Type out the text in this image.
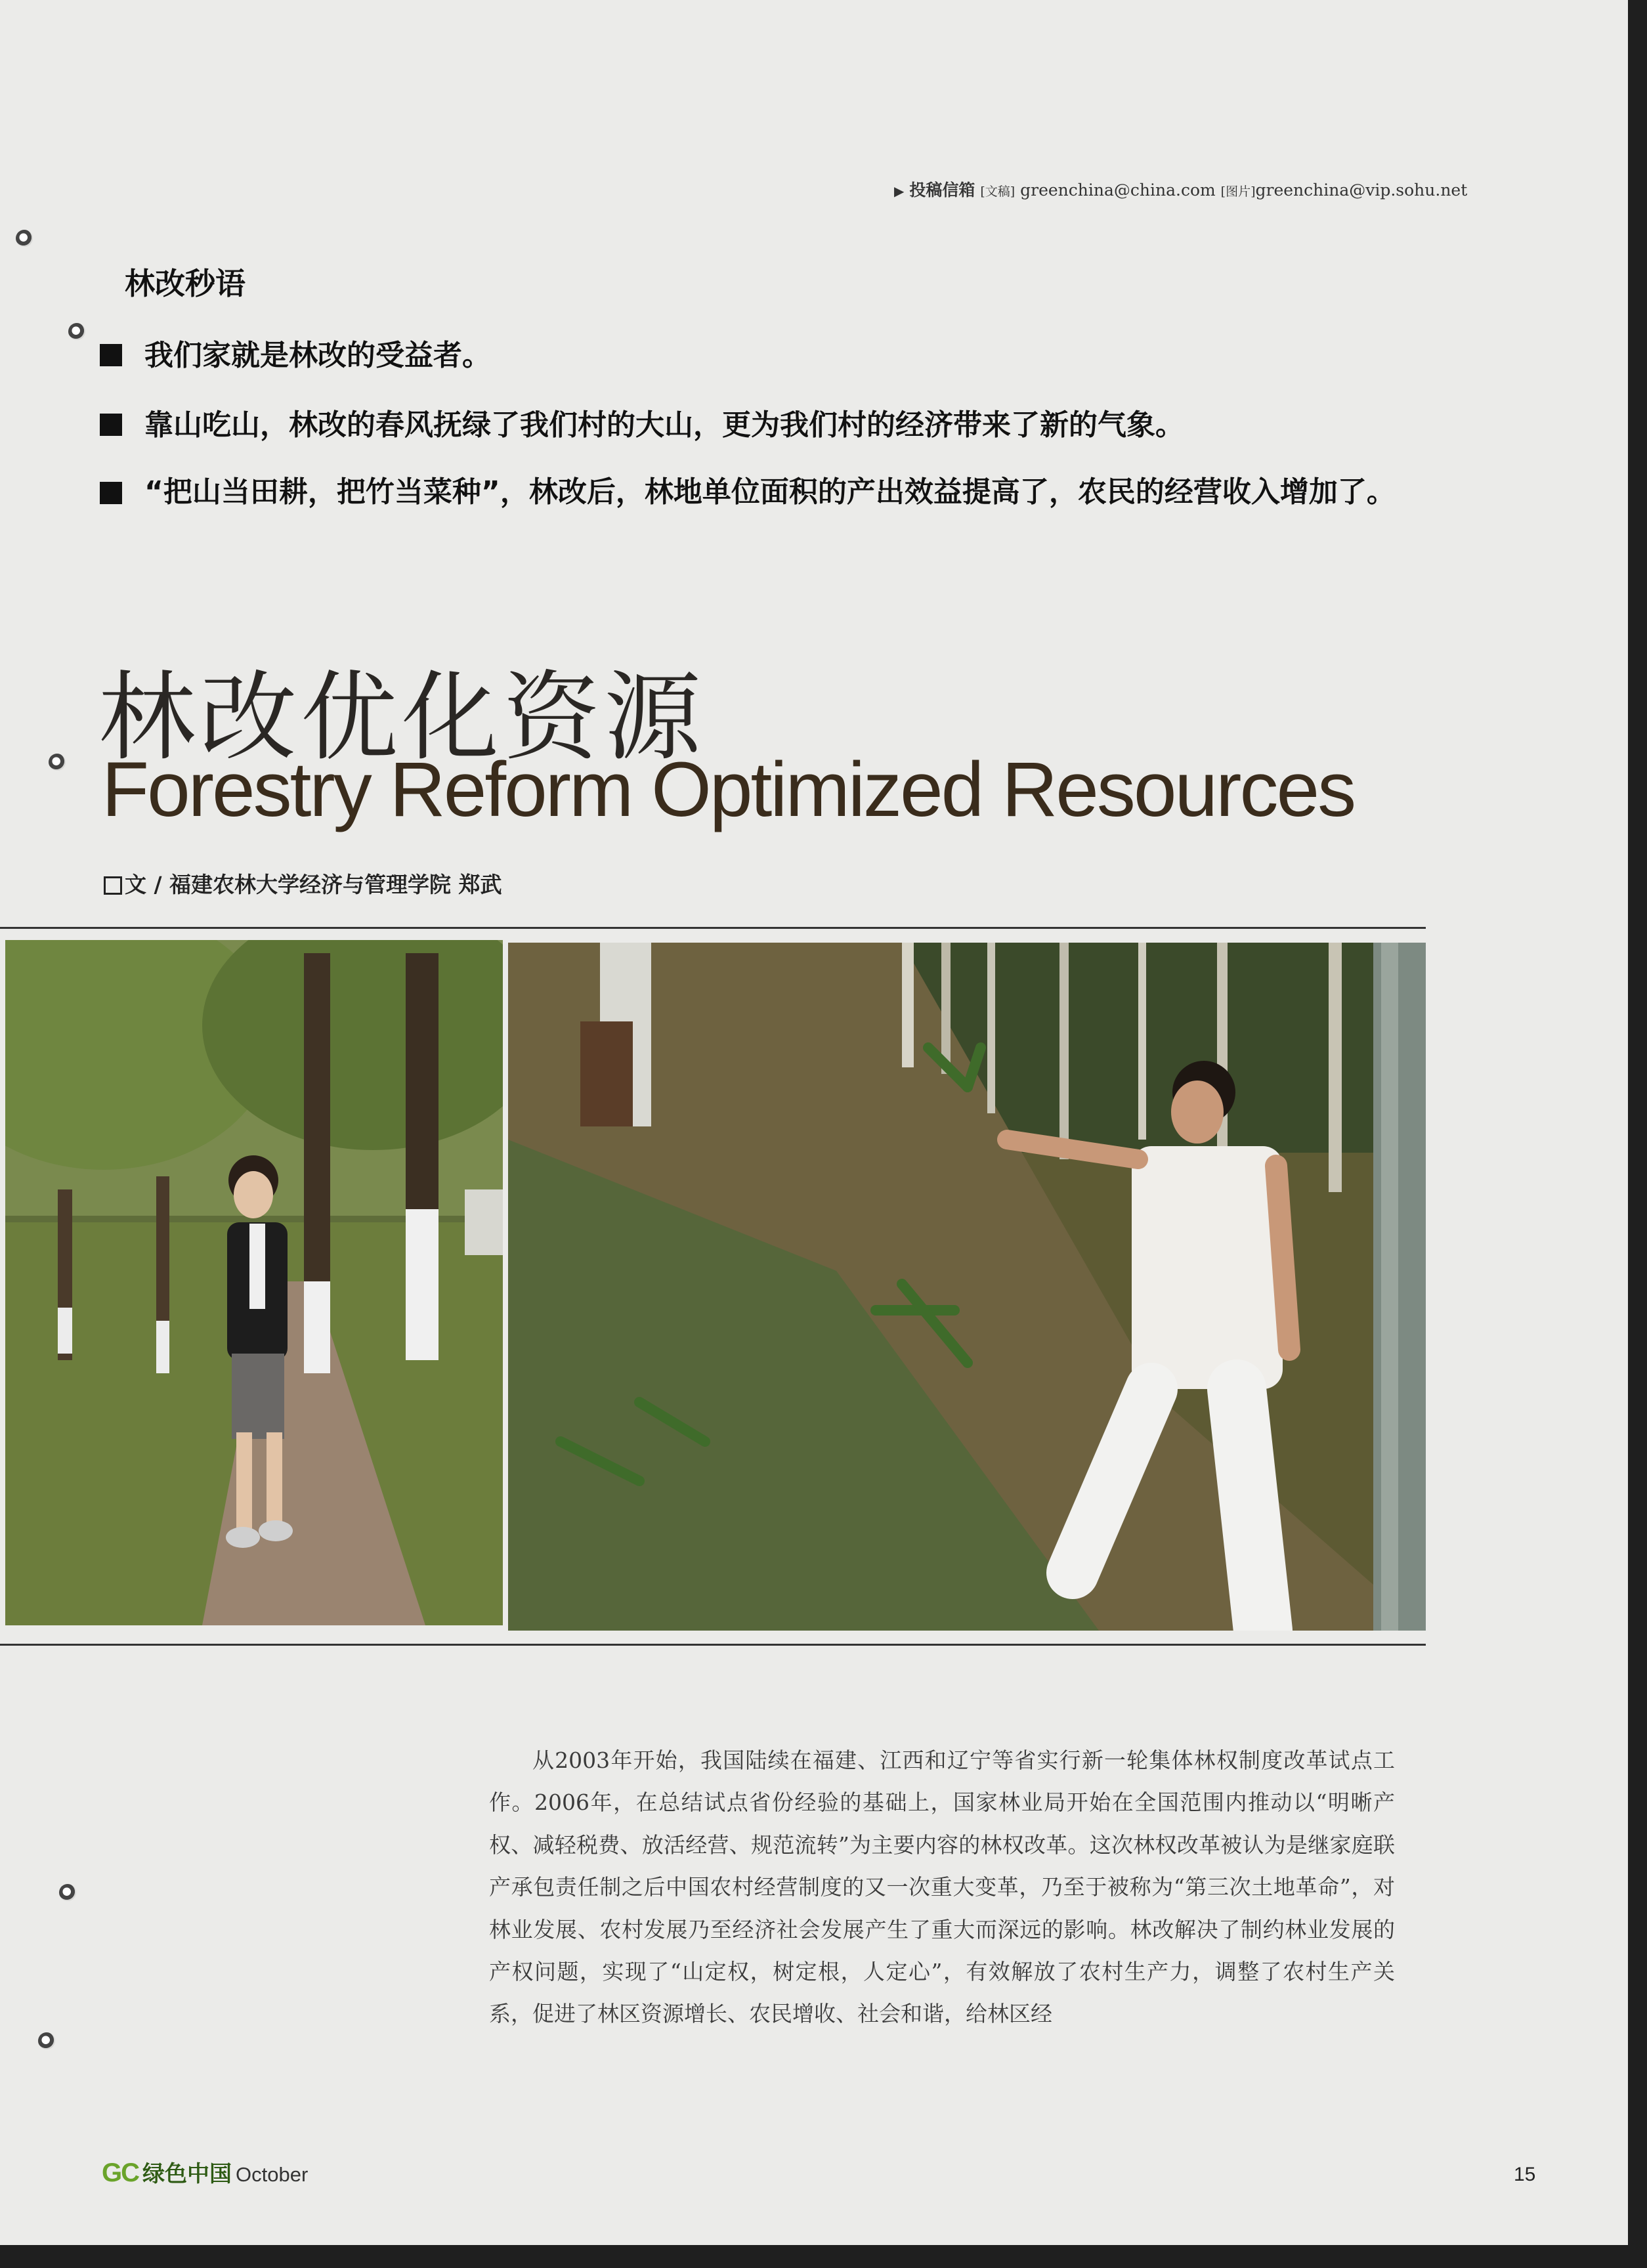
▶ 投稿信箱 [文稿] greenchina@china.com [图片]greenchina@vip.sohu.net
林改秒语
我们家就是林改的受益者。
靠山吃山，林改的春风抚绿了我们村的大山，更为我们村的经济带来了新的气象。
“把山当田耕，把竹当菜种”，林改后，林地单位面积的产出效益提高了，农民的经营收入增加了。
林改优化资源
Forestry Reform Optimized Resources
文 / 福建农林大学经济与管理学院 郑武

从2003年开始，我国陆续在福建、江西和辽宁等省实行新一轮集体林权制度改革试点工作。2006年，在总结试点省份经验的基础上，国家林业局开始在全国范围内推动以“明晰产权、减轻税费、放活经营、规范流转”为主要内容的林权改革。这次林权改革被认为是继家庭联产承包责任制之后中国农村经营制度的又一次重大变革，乃至于被称为“第三次土地革命”，对林业发展、农村发展乃至经济社会发展产生了重大而深远的影响。林改解决了制约林业发展的产权问题，实现了“山定权，树定根，人定心”，有效解放了农村生产力，调整了农村生产关系，促进了林区资源增长、农民增收、社会和谐，给林区经

GC 绿色中国 October	15
